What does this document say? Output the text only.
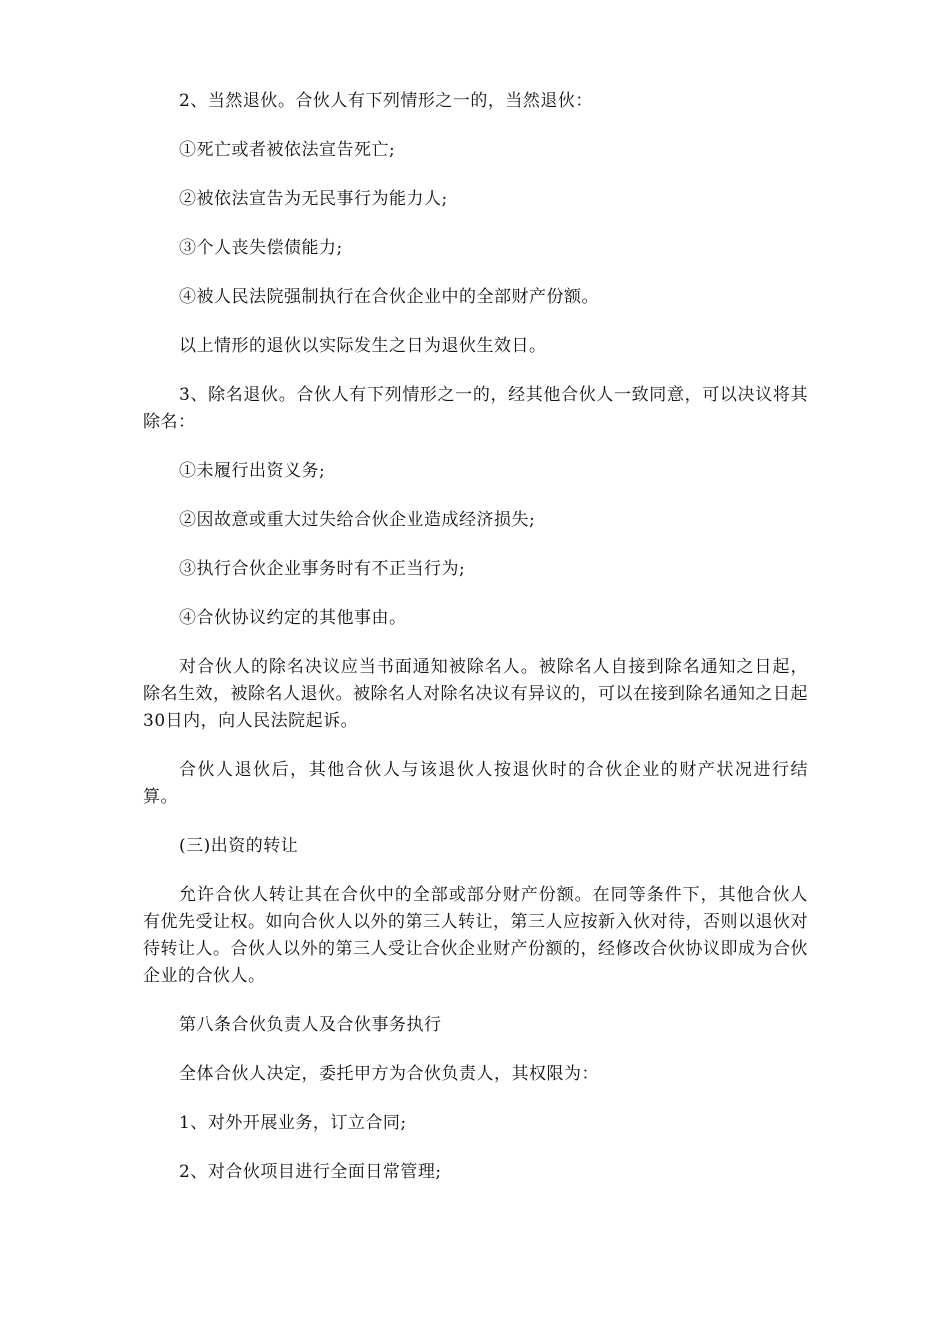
2、当然退伙。合伙人有下列情形之一的，当然退伙：

①死亡或者被依法宣告死亡;

②被依法宣告为无民事行为能力人;

③个人丧失偿债能力;

④被人民法院强制执行在合伙企业中的全部财产份额。

以上情形的退伙以实际发生之日为退伙生效日。

3、除名退伙。合伙人有下列情形之一的，经其他合伙人一致同意，可以决议将其除名：

①未履行出资义务;

②因故意或重大过失给合伙企业造成经济损失;

③执行合伙企业事务时有不正当行为;

④合伙协议约定的其他事由。

对合伙人的除名决议应当书面通知被除名人。被除名人自接到除名通知之日起，除名生效，被除名人退伙。被除名人对除名决议有异议的，可以在接到除名通知之日起30日内，向人民法院起诉。

合伙人退伙后，其他合伙人与该退伙人按退伙时的合伙企业的财产状况进行结算。

(三)出资的转让

允许合伙人转让其在合伙中的全部或部分财产份额。在同等条件下，其他合伙人有优先受让权。如向合伙人以外的第三人转让，第三人应按新入伙对待，否则以退伙对待转让人。合伙人以外的第三人受让合伙企业财产份额的，经修改合伙协议即成为合伙企业的合伙人。

第八条合伙负责人及合伙事务执行

全体合伙人决定，委托甲方为合伙负责人，其权限为：

1、对外开展业务，订立合同;

2、对合伙项目进行全面日常管理;
